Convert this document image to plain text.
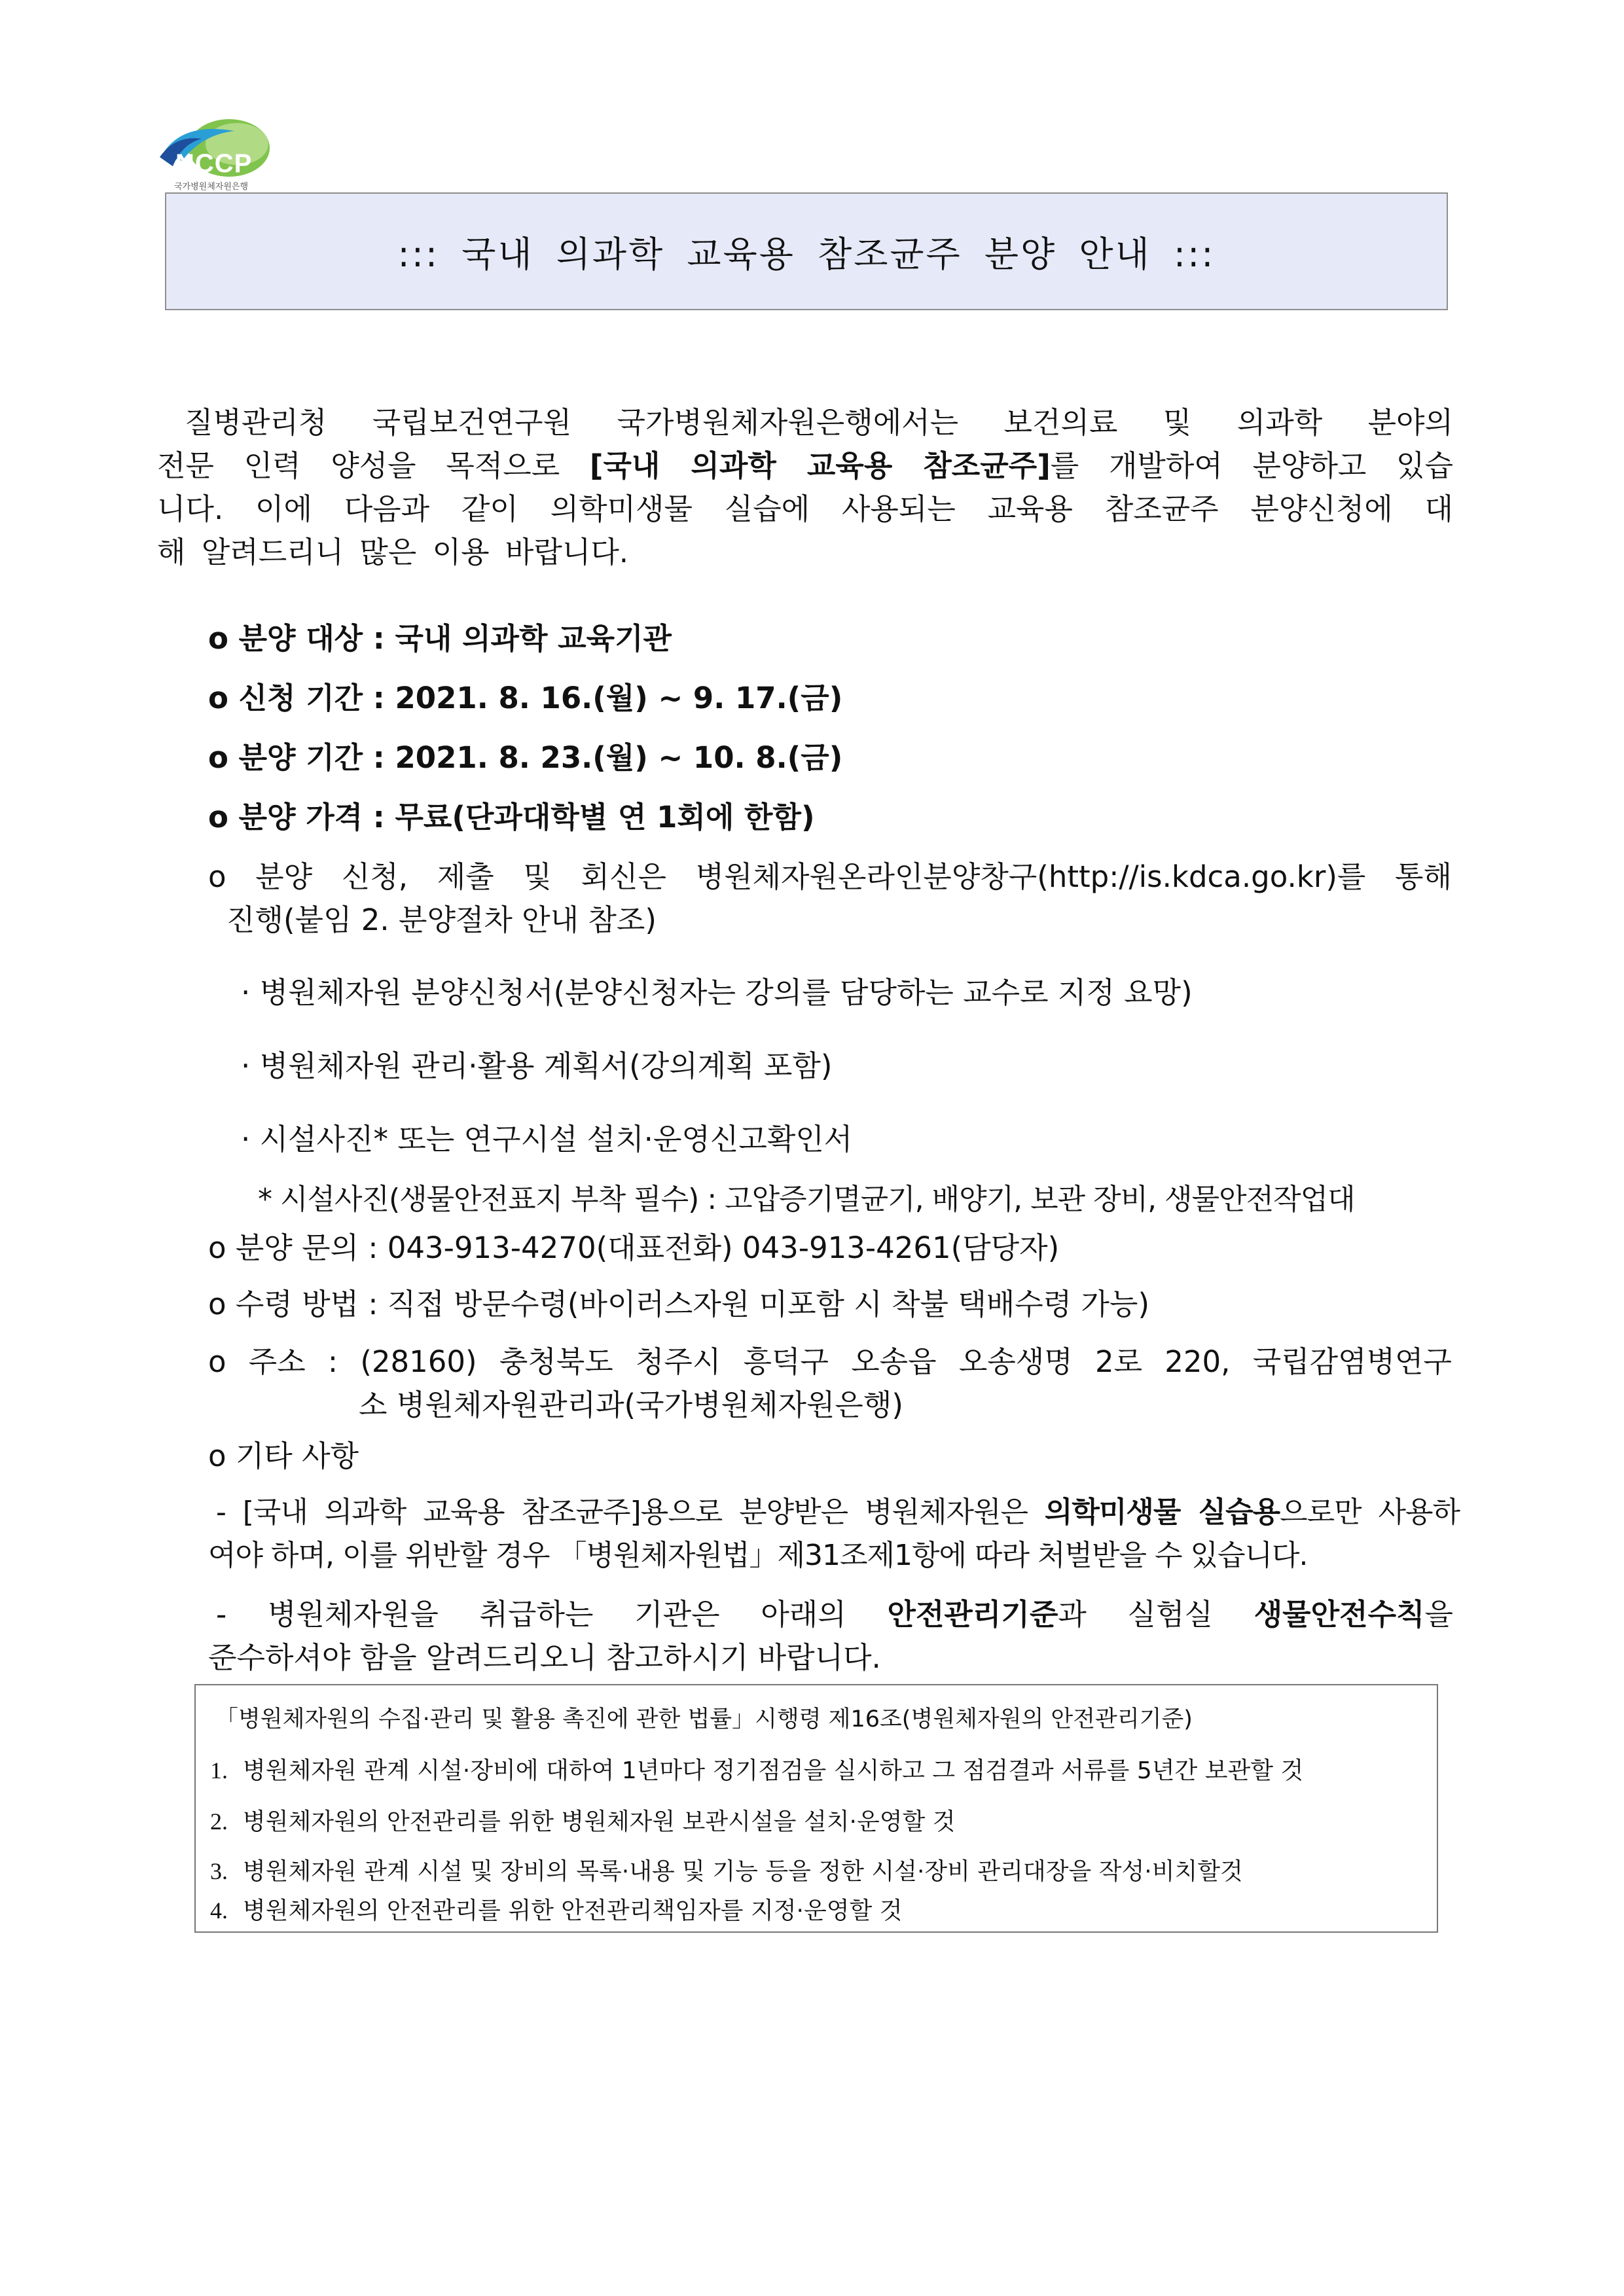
NCCP
국가병원체자원은행
::: 국내 의과학 교육용 참조균주 분양 안내 :::
질병관리청 국립보건연구원 국가병원체자원은행에서는 보건의료 및 의과학 분야의
전문 인력 양성을 목적으로 [국내 의과학 교육용 참조균주]를 개발하여 분양하고 있습
니다. 이에 다음과 같이 의학미생물 실습에 사용되는 교육용 참조균주 분양신청에 대
해 알려드리니 많은 이용 바랍니다.
o 분양 대상 : 국내 의과학 교육기관
o 신청 기간 : 2021. 8. 16.(월) ~ 9. 17.(금)
o 분양 기간 : 2021. 8. 23.(월) ~ 10. 8.(금)
o 분양 가격 : 무료(단과대학별 연 1회에 한함)
o 분양 신청, 제출 및 회신은 병원체자원온라인분양창구(http://is.kdca.go.kr)를 통해
진행(붙임 2. 분양절차 안내 참조)
· 병원체자원 분양신청서(분양신청자는 강의를 담당하는 교수로 지정 요망)
· 병원체자원 관리·활용 계획서(강의계획 포함)
· 시설사진* 또는 연구시설 설치·운영신고확인서
* 시설사진(생물안전표지 부착 필수) : 고압증기멸균기, 배양기, 보관 장비, 생물안전작업대
o 분양 문의 : 043-913-4270(대표전화) 043-913-4261(담당자)
o 수령 방법 : 직접 방문수령(바이러스자원 미포함 시 착불 택배수령 가능)
o 주소 : (28160) 충청북도 청주시 흥덕구 오송읍 오송생명 2로 220, 국립감염병연구
소 병원체자원관리과(국가병원체자원은행)
o 기타 사항
- [국내 의과학 교육용 참조균주]용으로 분양받은 병원체자원은 의학미생물 실습용으로만 사용하
여야 하며, 이를 위반할 경우 「병원체자원법」제31조제1항에 따라 처벌받을 수 있습니다.
- 병원체자원을 취급하는 기관은 아래의 안전관리기준과 실험실 생물안전수칙을
준수하셔야 함을 알려드리오니 참고하시기 바랍니다.
「병원체자원의 수집·관리 및 활용 촉진에 관한 법률」시행령 제16조(병원체자원의 안전관리기준)
1. 병원체자원 관계 시설·장비에 대하여 1년마다 정기점검을 실시하고 그 점검결과 서류를 5년간 보관할 것
2. 병원체자원의 안전관리를 위한 병원체자원 보관시설을 설치·운영할 것
3. 병원체자원 관계 시설 및 장비의 목록·내용 및 기능 등을 정한 시설·장비 관리대장을 작성·비치할것
4. 병원체자원의 안전관리를 위한 안전관리책임자를 지정·운영할 것
